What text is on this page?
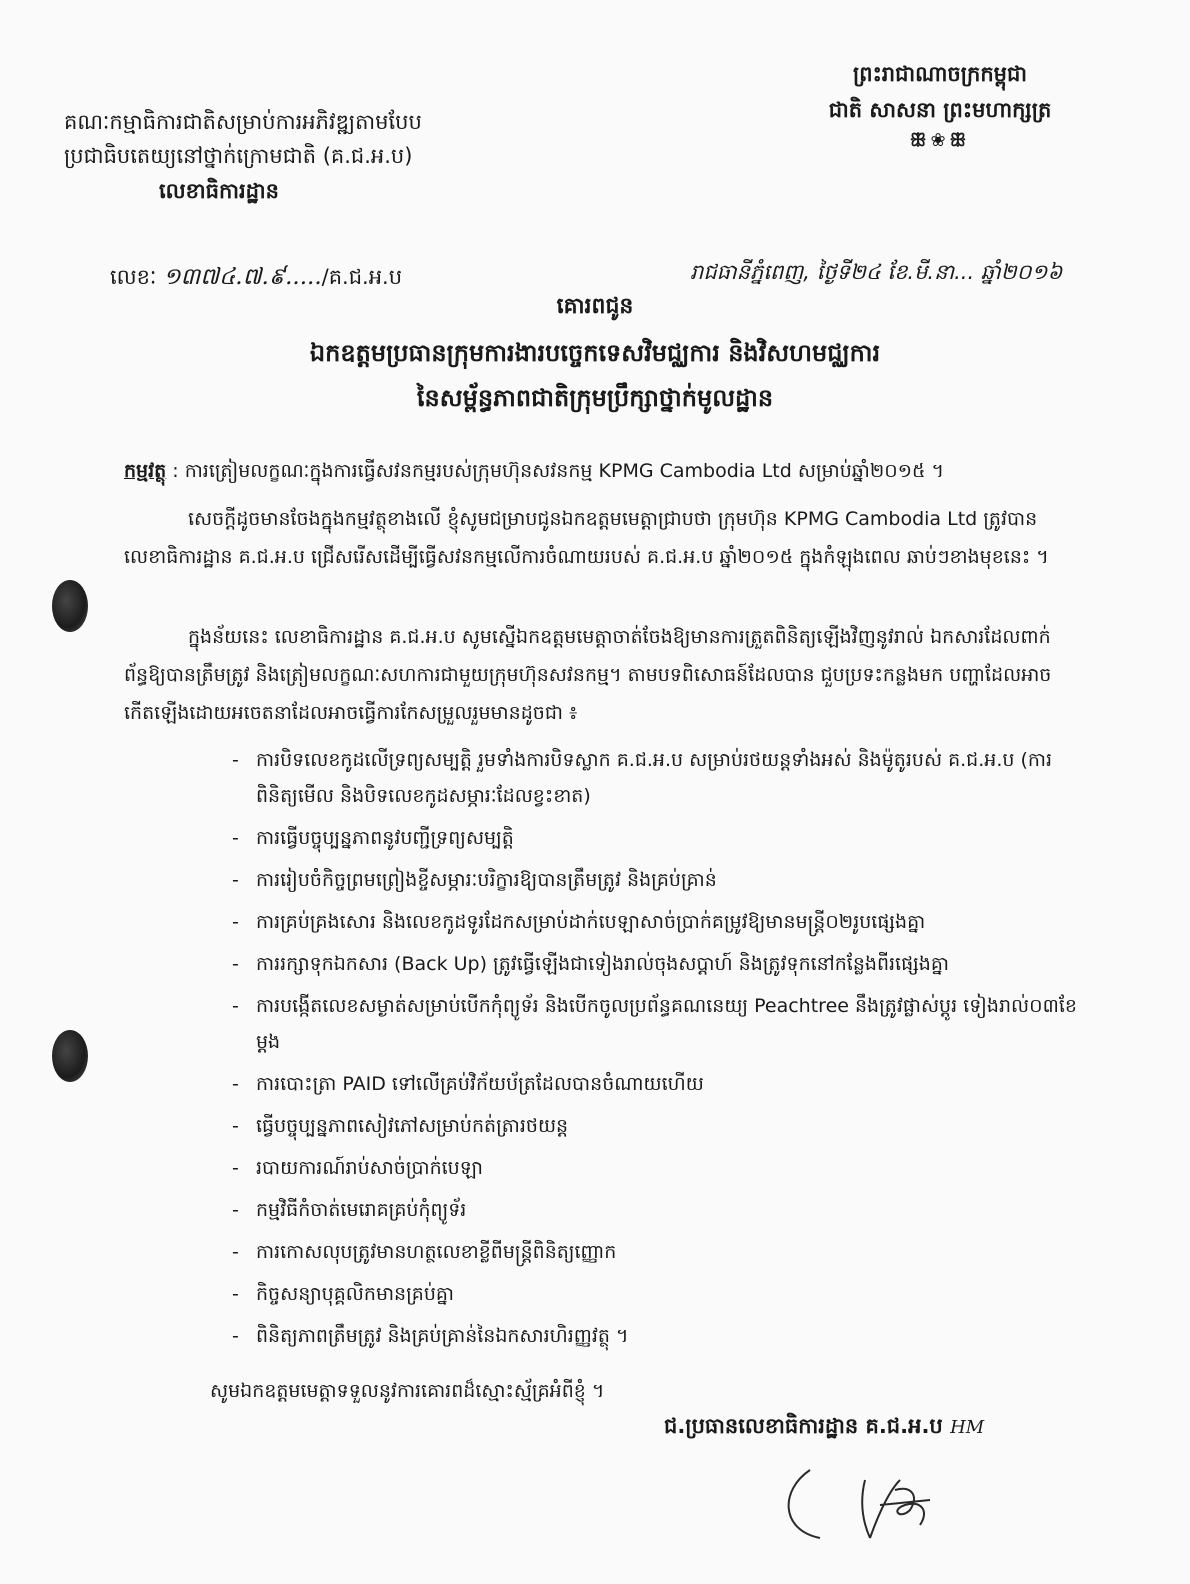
ព្រះរាជាណាចក្រកម្ពុជា
ជាតិ សាសនា ព្រះមហាក្សត្រ
ꕥ❀ꕥ
គណៈកម្មាធិការជាតិសម្រាប់ការអភិវឌ្ឍតាមបែប
ប្រជាធិបតេយ្យនៅថ្នាក់ក្រោមជាតិ (គ.ជ.អ.ប)
លេខាធិការដ្ឋាន
លេខៈ ១៣៧៤.៧.៩...../គ.ជ.អ.ប	រាជធានីភ្នំពេញ, ថ្ងៃទី២៤ ខែ.មី.នា... ឆ្នាំ២០១៦
គោរពជូន
ឯកឧត្តមប្រធានក្រុមការងារបច្ចេកទេសវិមជ្ឈការ និងវិសហមជ្ឈការ
នៃសម្ព័ន្ធភាពជាតិក្រុមប្រឹក្សាថ្នាក់មូលដ្ឋាន
កម្មវត្ថុ : ការត្រៀមលក្ខណៈក្នុងការធ្វើសវនកម្មរបស់ក្រុមហ៊ុនសវនកម្ម KPMG Cambodia Ltd សម្រាប់ឆ្នាំ២០១៥ ។
សេចក្តីដូចមានចែងក្នុងកម្មវត្ថុខាងលើ ខ្ញុំសូមជម្រាបជូនឯកឧត្តមមេត្តាជ្រាបថា ក្រុមហ៊ុន KPMG Cambodia Ltd ត្រូវបានលេខាធិការដ្ឋាន គ.ជ.អ.ប ជ្រើសរើសដើម្បីធ្វើសវនកម្មលើការចំណាយរបស់ គ.ជ.អ.ប ឆ្នាំ២០១៥ ក្នុងកំឡុងពេល ឆាប់ៗខាងមុខនេះ ។
ក្នុងន័យនេះ លេខាធិការដ្ឋាន គ.ជ.អ.ប សូមស្នើឯកឧត្តមមេត្តាចាត់ចែងឱ្យមានការត្រួតពិនិត្យឡើងវិញនូវរាល់ ឯកសារដែលពាក់ព័ន្ធឱ្យបានត្រឹមត្រូវ និងត្រៀមលក្ខណៈសហការជាមួយក្រុមហ៊ុនសវនកម្ម។ តាមបទពិសោធន៍ដែលបាន ជួបប្រទះកន្លងមក បញ្ហាដែលអាចកើតឡើងដោយអចេតនាដែលអាចធ្វើការកែសម្រួលរួមមានដូចជា ៖
- ការបិទលេខកូដលើទ្រព្យសម្បត្តិ រួមទាំងការបិទស្លាក គ.ជ.អ.ប សម្រាប់រថយន្តទាំងអស់ និងម៉ូតូរបស់ គ.ជ.អ.ប (ការពិនិត្យមើល និងបិទលេខកូដសម្ភារៈដែលខ្វះខាត)
- ការធ្វើបច្ចុប្បន្នភាពនូវបញ្ជីទ្រព្យសម្បត្តិ
- ការរៀបចំកិច្ចព្រមព្រៀងខ្ចីសម្ភារៈបរិក្ខារឱ្យបានត្រឹមត្រូវ និងគ្រប់គ្រាន់
- ការគ្រប់គ្រងសោរ និងលេខកូដទូរដែកសម្រាប់ដាក់បេឡាសាច់ប្រាក់គម្រូវឱ្យមានមន្ត្រី០២រូបផ្សេងគ្នា
- ការរក្សាទុកឯកសារ (Back Up) ត្រូវធ្វើឡើងជាទៀងរាល់ចុងសប្តាហ៍ និងត្រូវទុកនៅកន្លែងពីរផ្សេងគ្នា
- ការបង្កើតលេខសម្ងាត់សម្រាប់បើកកុំព្យូទ័រ និងបើកចូលប្រព័ន្ធគណនេយ្យ Peachtree នឹងត្រូវផ្លាស់ប្តូរ ទៀងរាល់០៣ខែម្តង
- ការបោះត្រា PAID ទៅលើគ្រប់វិក័យប័ត្រដែលបានចំណាយហើយ
- ធ្វើបច្ចុប្បន្នភាពសៀវភៅសម្រាប់កត់ត្រារថយន្ត
- របាយការណ៍រាប់សាច់ប្រាក់បេឡា
- កម្មវិធីកំចាត់មេរោគគ្រប់កុំព្យូទ័រ
- ការកោសលុបត្រូវមានហត្ថលេខាខ្លីពីមន្ត្រីពិនិត្យញ្ញោក
- កិច្ចសន្យាបុគ្គលិកមានគ្រប់គ្នា
- ពិនិត្យភាពត្រឹមត្រូវ និងគ្រប់គ្រាន់នៃឯកសារហិរញ្ញវត្ថុ ។
សូមឯកឧត្តមមេត្តាទទួលនូវការគោរពដ៏ស្មោះស្ម័គ្រអំពីខ្ញុំ ។
ជ.ប្រធានលេខាធិការដ្ឋាន គ.ជ.អ.ប HM
